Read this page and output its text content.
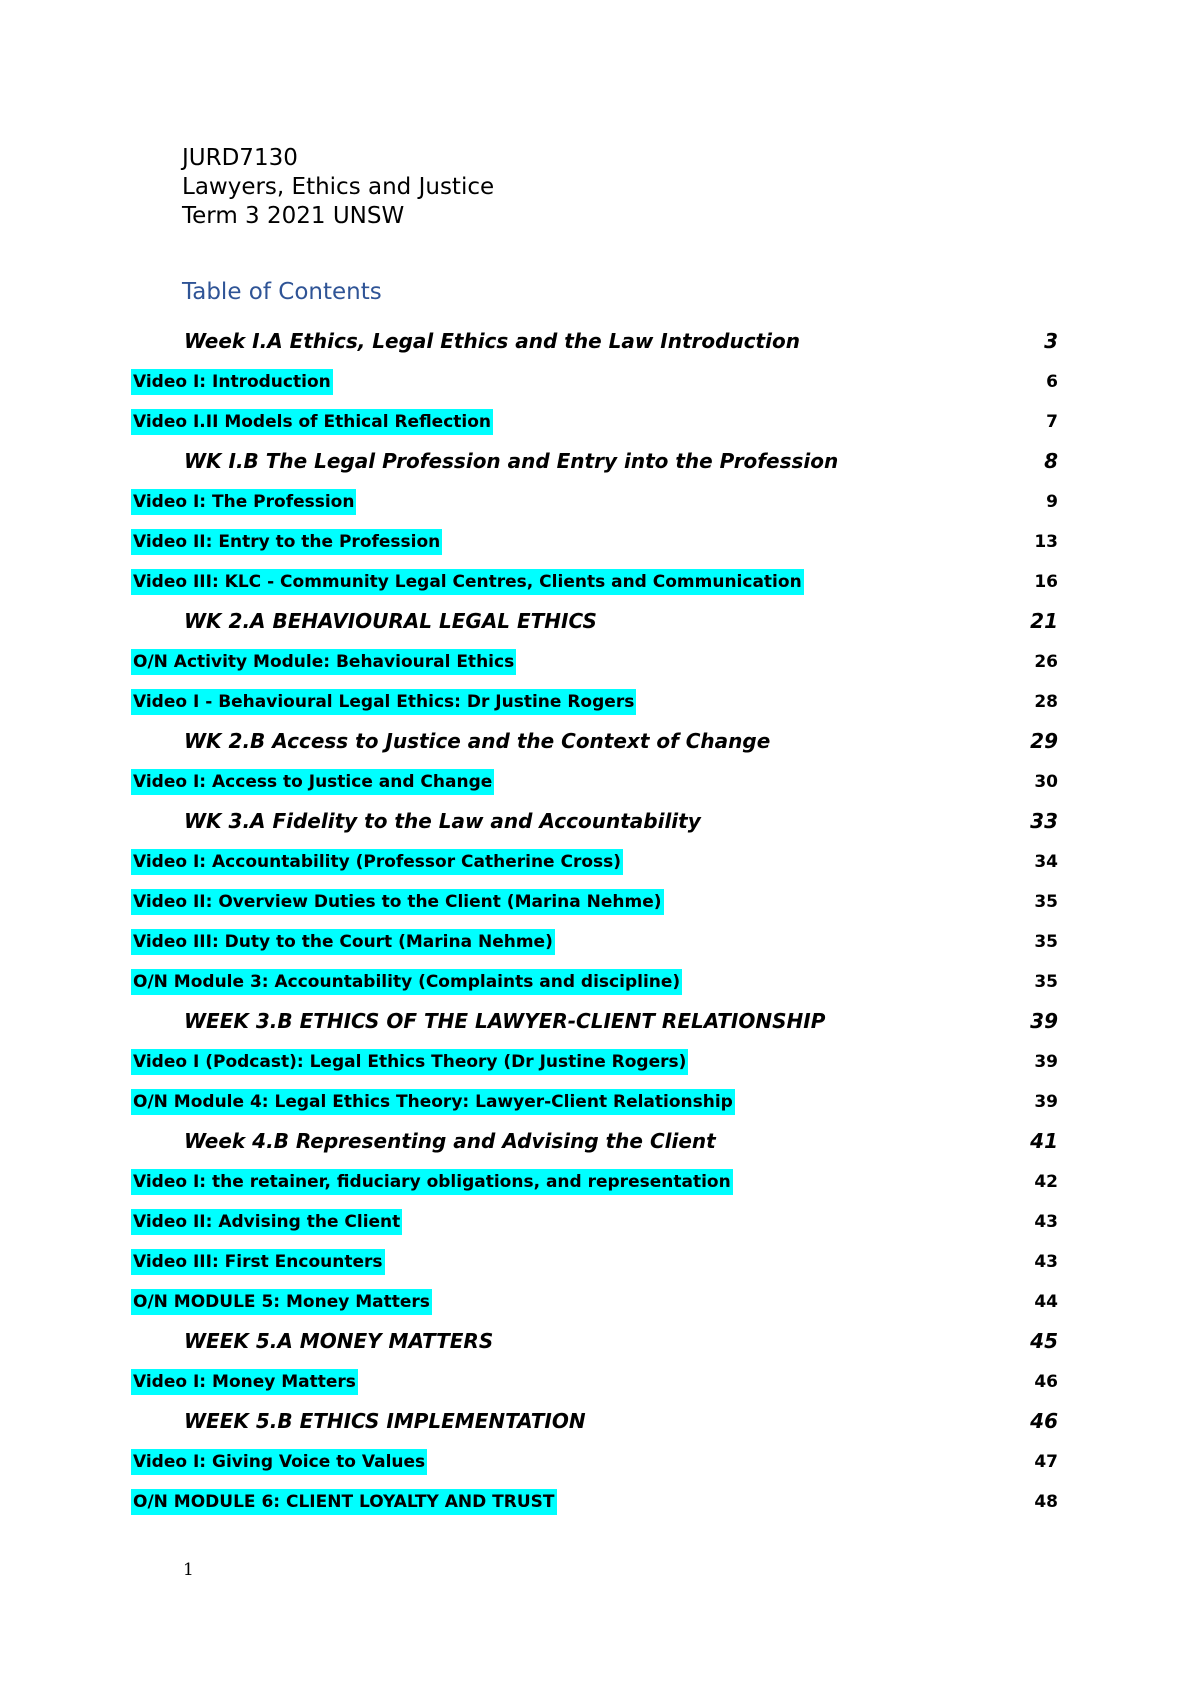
JURD7130
Lawyers, Ethics and Justice
Term 3 2021 UNSW
Table of Contents
Week I.A Ethics, Legal Ethics and the Law Introduction	3
Video I: Introduction	6
Video I.II Models of Ethical Reflection	7
WK I.B The Legal Profession and Entry into the Profession	8
Video I: The Profession	9
Video II: Entry to the Profession	13
Video III: KLC - Community Legal Centres, Clients and Communication	16
WK 2.A BEHAVIOURAL LEGAL ETHICS	21
O/N Activity Module: Behavioural Ethics	26
Video I - Behavioural Legal Ethics: Dr Justine Rogers	28
WK 2.B Access to Justice and the Context of Change	29
Video I: Access to Justice and Change	30
WK 3.A Fidelity to the Law and Accountability	33
Video I: Accountability (Professor Catherine Cross)	34
Video II: Overview Duties to the Client (Marina Nehme)	35
Video III: Duty to the Court (Marina Nehme)	35
O/N Module 3: Accountability (Complaints and discipline)	35
WEEK 3.B ETHICS OF THE LAWYER-CLIENT RELATIONSHIP	39
Video I (Podcast): Legal Ethics Theory (Dr Justine Rogers)	39
O/N Module 4: Legal Ethics Theory: Lawyer-Client Relationship	39
Week 4.B Representing and Advising the Client	41
Video I: the retainer, fiduciary obligations, and representation	42
Video II: Advising the Client	43
Video III: First Encounters	43
O/N MODULE 5: Money Matters	44
WEEK 5.A MONEY MATTERS	45
Video I: Money Matters	46
WEEK 5.B ETHICS IMPLEMENTATION	46
Video I: Giving Voice to Values	47
O/N MODULE 6: CLIENT LOYALTY AND TRUST	48
1
